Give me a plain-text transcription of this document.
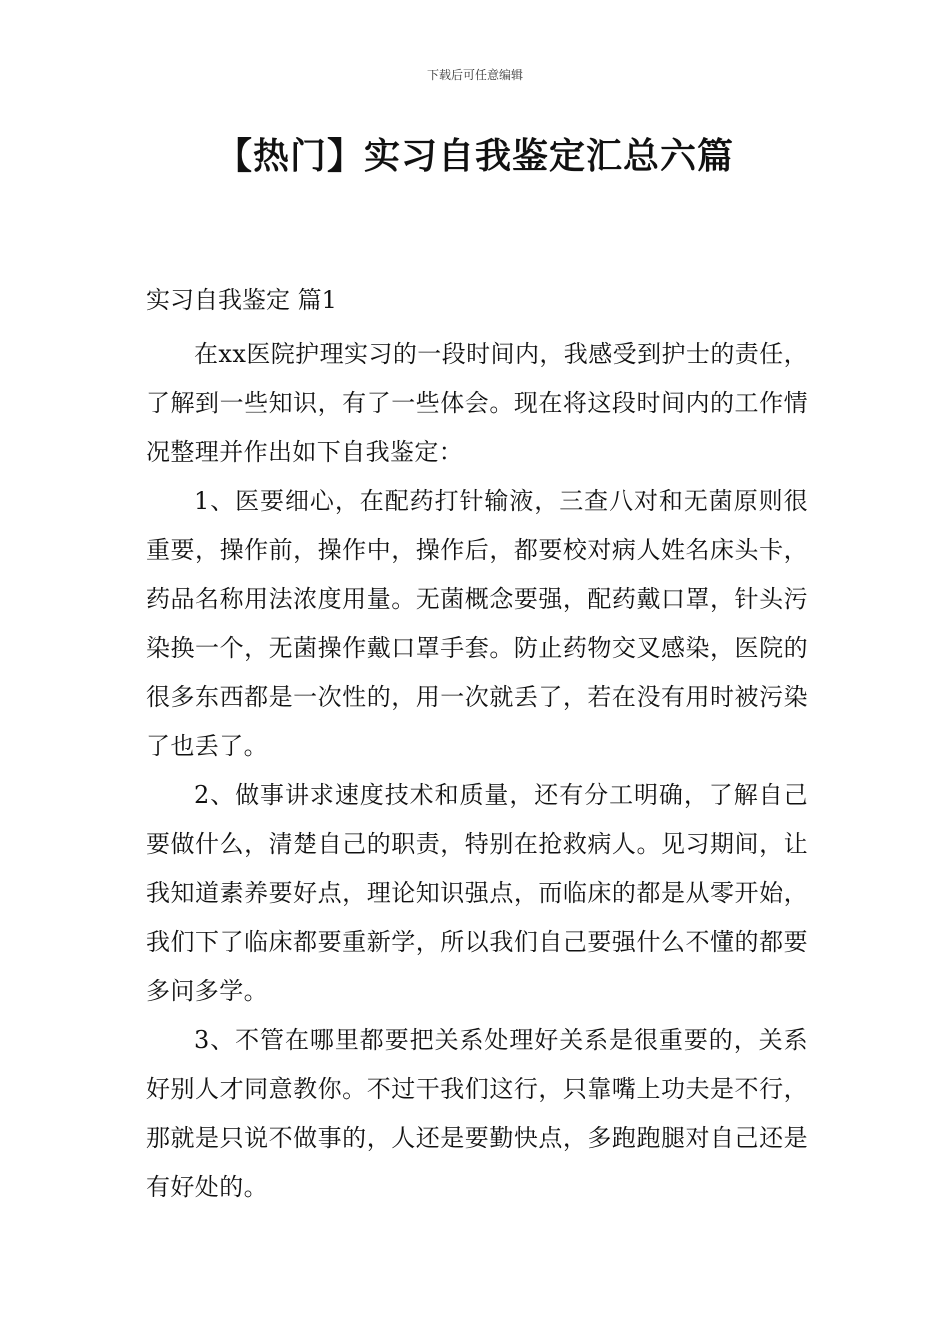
下载后可任意编辑
【热门】实习自我鉴定汇总六篇

实习自我鉴定 篇1

在xx医院护理实习的一段时间内，我感受到护士的责任，了解到一些知识，有了一些体会。现在将这段时间内的工作情况整理并作出如下自我鉴定：

1、医要细心，在配药打针输液，三查八对和无菌原则很重要，操作前，操作中，操作后，都要校对病人姓名床头卡，药品名称用法浓度用量。无菌概念要强，配药戴口罩，针头污染换一个，无菌操作戴口罩手套。防止药物交叉感染，医院的很多东西都是一次性的，用一次就丢了，若在没有用时被污染了也丢了。

2、做事讲求速度技术和质量，还有分工明确，了解自己要做什么，清楚自己的职责，特别在抢救病人。见习期间，让我知道素养要好点，理论知识强点，而临床的都是从零开始，我们下了临床都要重新学，所以我们自己要强什么不懂的都要多问多学。

3、不管在哪里都要把关系处理好关系是很重要的，关系好别人才同意教你。不过干我们这行，只靠嘴上功夫是不行，那就是只说不做事的，人还是要勤快点，多跑跑腿对自己还是有好处的。
